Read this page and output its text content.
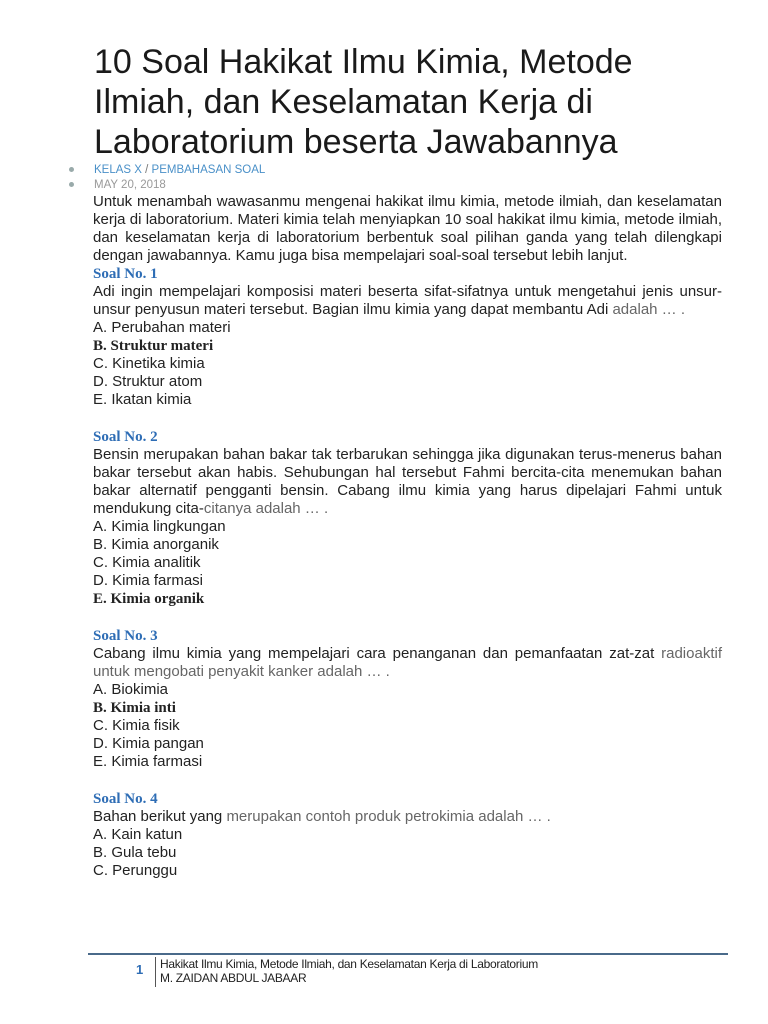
10 Soal Hakikat Ilmu Kimia, Metode Ilmiah, dan Keselamatan Kerja di Laboratorium beserta Jawabannya
KELAS X / PEMBAHASAN SOAL
MAY 20, 2018

Untuk menambah wawasanmu mengenai hakikat ilmu kimia, metode ilmiah, dan keselamatan kerja di laboratorium. Materi kimia telah menyiapkan 10 soal hakikat ilmu kimia, metode ilmiah, dan keselamatan kerja di laboratorium berbentuk soal pilihan ganda yang telah dilengkapi dengan jawabannya. Kamu juga bisa mempelajari soal-soal tersebut lebih lanjut.

Soal No. 1

Adi ingin mempelajari komposisi materi beserta sifat-sifatnya untuk mengetahui jenis unsur-unsur penyusun materi tersebut. Bagian ilmu kimia yang dapat membantu Adi adalah … .

A. Perubahan materi

B. Struktur materi

C. Kinetika kimia

D. Struktur atom

E. Ikatan kimia

Soal No. 2

Bensin merupakan bahan bakar tak terbarukan sehingga jika digunakan terus-menerus bahan bakar tersebut akan habis. Sehubungan hal tersebut Fahmi bercita-cita menemukan bahan bakar alternatif pengganti bensin. Cabang ilmu kimia yang harus dipelajari Fahmi untuk mendukung cita-citanya adalah … .

A. Kimia lingkungan

B. Kimia anorganik

C. Kimia analitik

D. Kimia farmasi

E. Kimia organik

Soal No. 3

Cabang ilmu kimia yang mempelajari cara penanganan dan pemanfaatan zat-zat radioaktif untuk mengobati penyakit kanker adalah … .

A. Biokimia

B. Kimia inti

C. Kimia fisik

D. Kimia pangan

E. Kimia farmasi

Soal No. 4

Bahan berikut yang merupakan contoh produk petrokimia adalah … .

A. Kain katun

B. Gula tebu

C. Perunggu

1 Hakikat Ilmu Kimia, Metode Ilmiah, dan Keselamatan Kerja di Laboratorium
M. ZAIDAN ABDUL JABAAR
